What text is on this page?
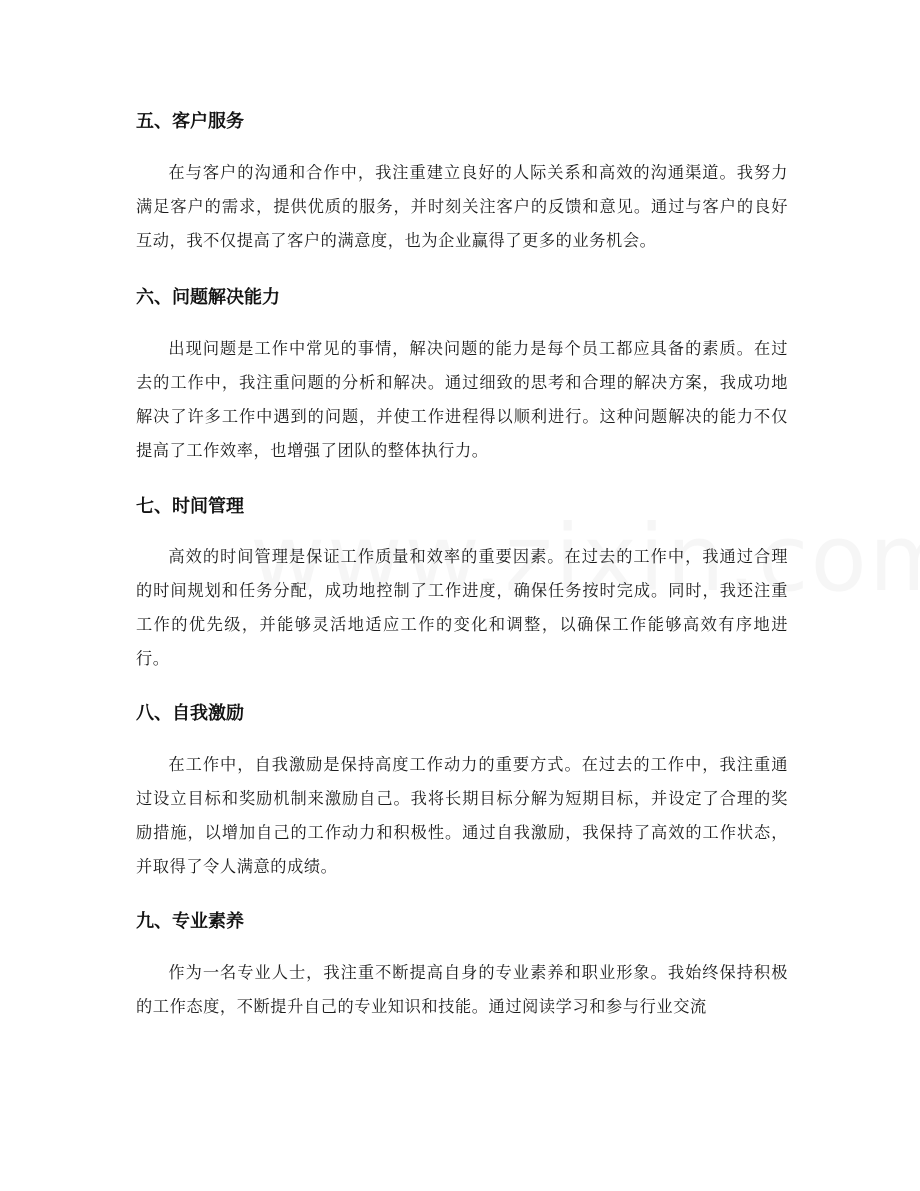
五、客户服务

在与客户的沟通和合作中，我注重建立良好的人际关系和高效的沟通渠道。我努力满足客户的需求，提供优质的服务，并时刻关注客户的反馈和意见。通过与客户的良好互动，我不仅提高了客户的满意度，也为企业赢得了更多的业务机会。

六、问题解决能力

出现问题是工作中常见的事情，解决问题的能力是每个员工都应具备的素质。在过去的工作中，我注重问题的分析和解决。通过细致的思考和合理的解决方案，我成功地解决了许多工作中遇到的问题，并使工作进程得以顺利进行。这种问题解决的能力不仅提高了工作效率，也增强了团队的整体执行力。

七、时间管理

高效的时间管理是保证工作质量和效率的重要因素。在过去的工作中，我通过合理的时间规划和任务分配，成功地控制了工作进度，确保任务按时完成。同时，我还注重工作的优先级，并能够灵活地适应工作的变化和调整，以确保工作能够高效有序地进行。

八、自我激励

在工作中，自我激励是保持高度工作动力的重要方式。在过去的工作中，我注重通过设立目标和奖励机制来激励自己。我将长期目标分解为短期目标，并设定了合理的奖励措施，以增加自己的工作动力和积极性。通过自我激励，我保持了高效的工作状态，并取得了令人满意的成绩。

九、专业素养

作为一名专业人士，我注重不断提高自身的专业素养和职业形象。我始终保持积极的工作态度，不断提升自己的专业知识和技能。通过阅读学习和参与行业交流
